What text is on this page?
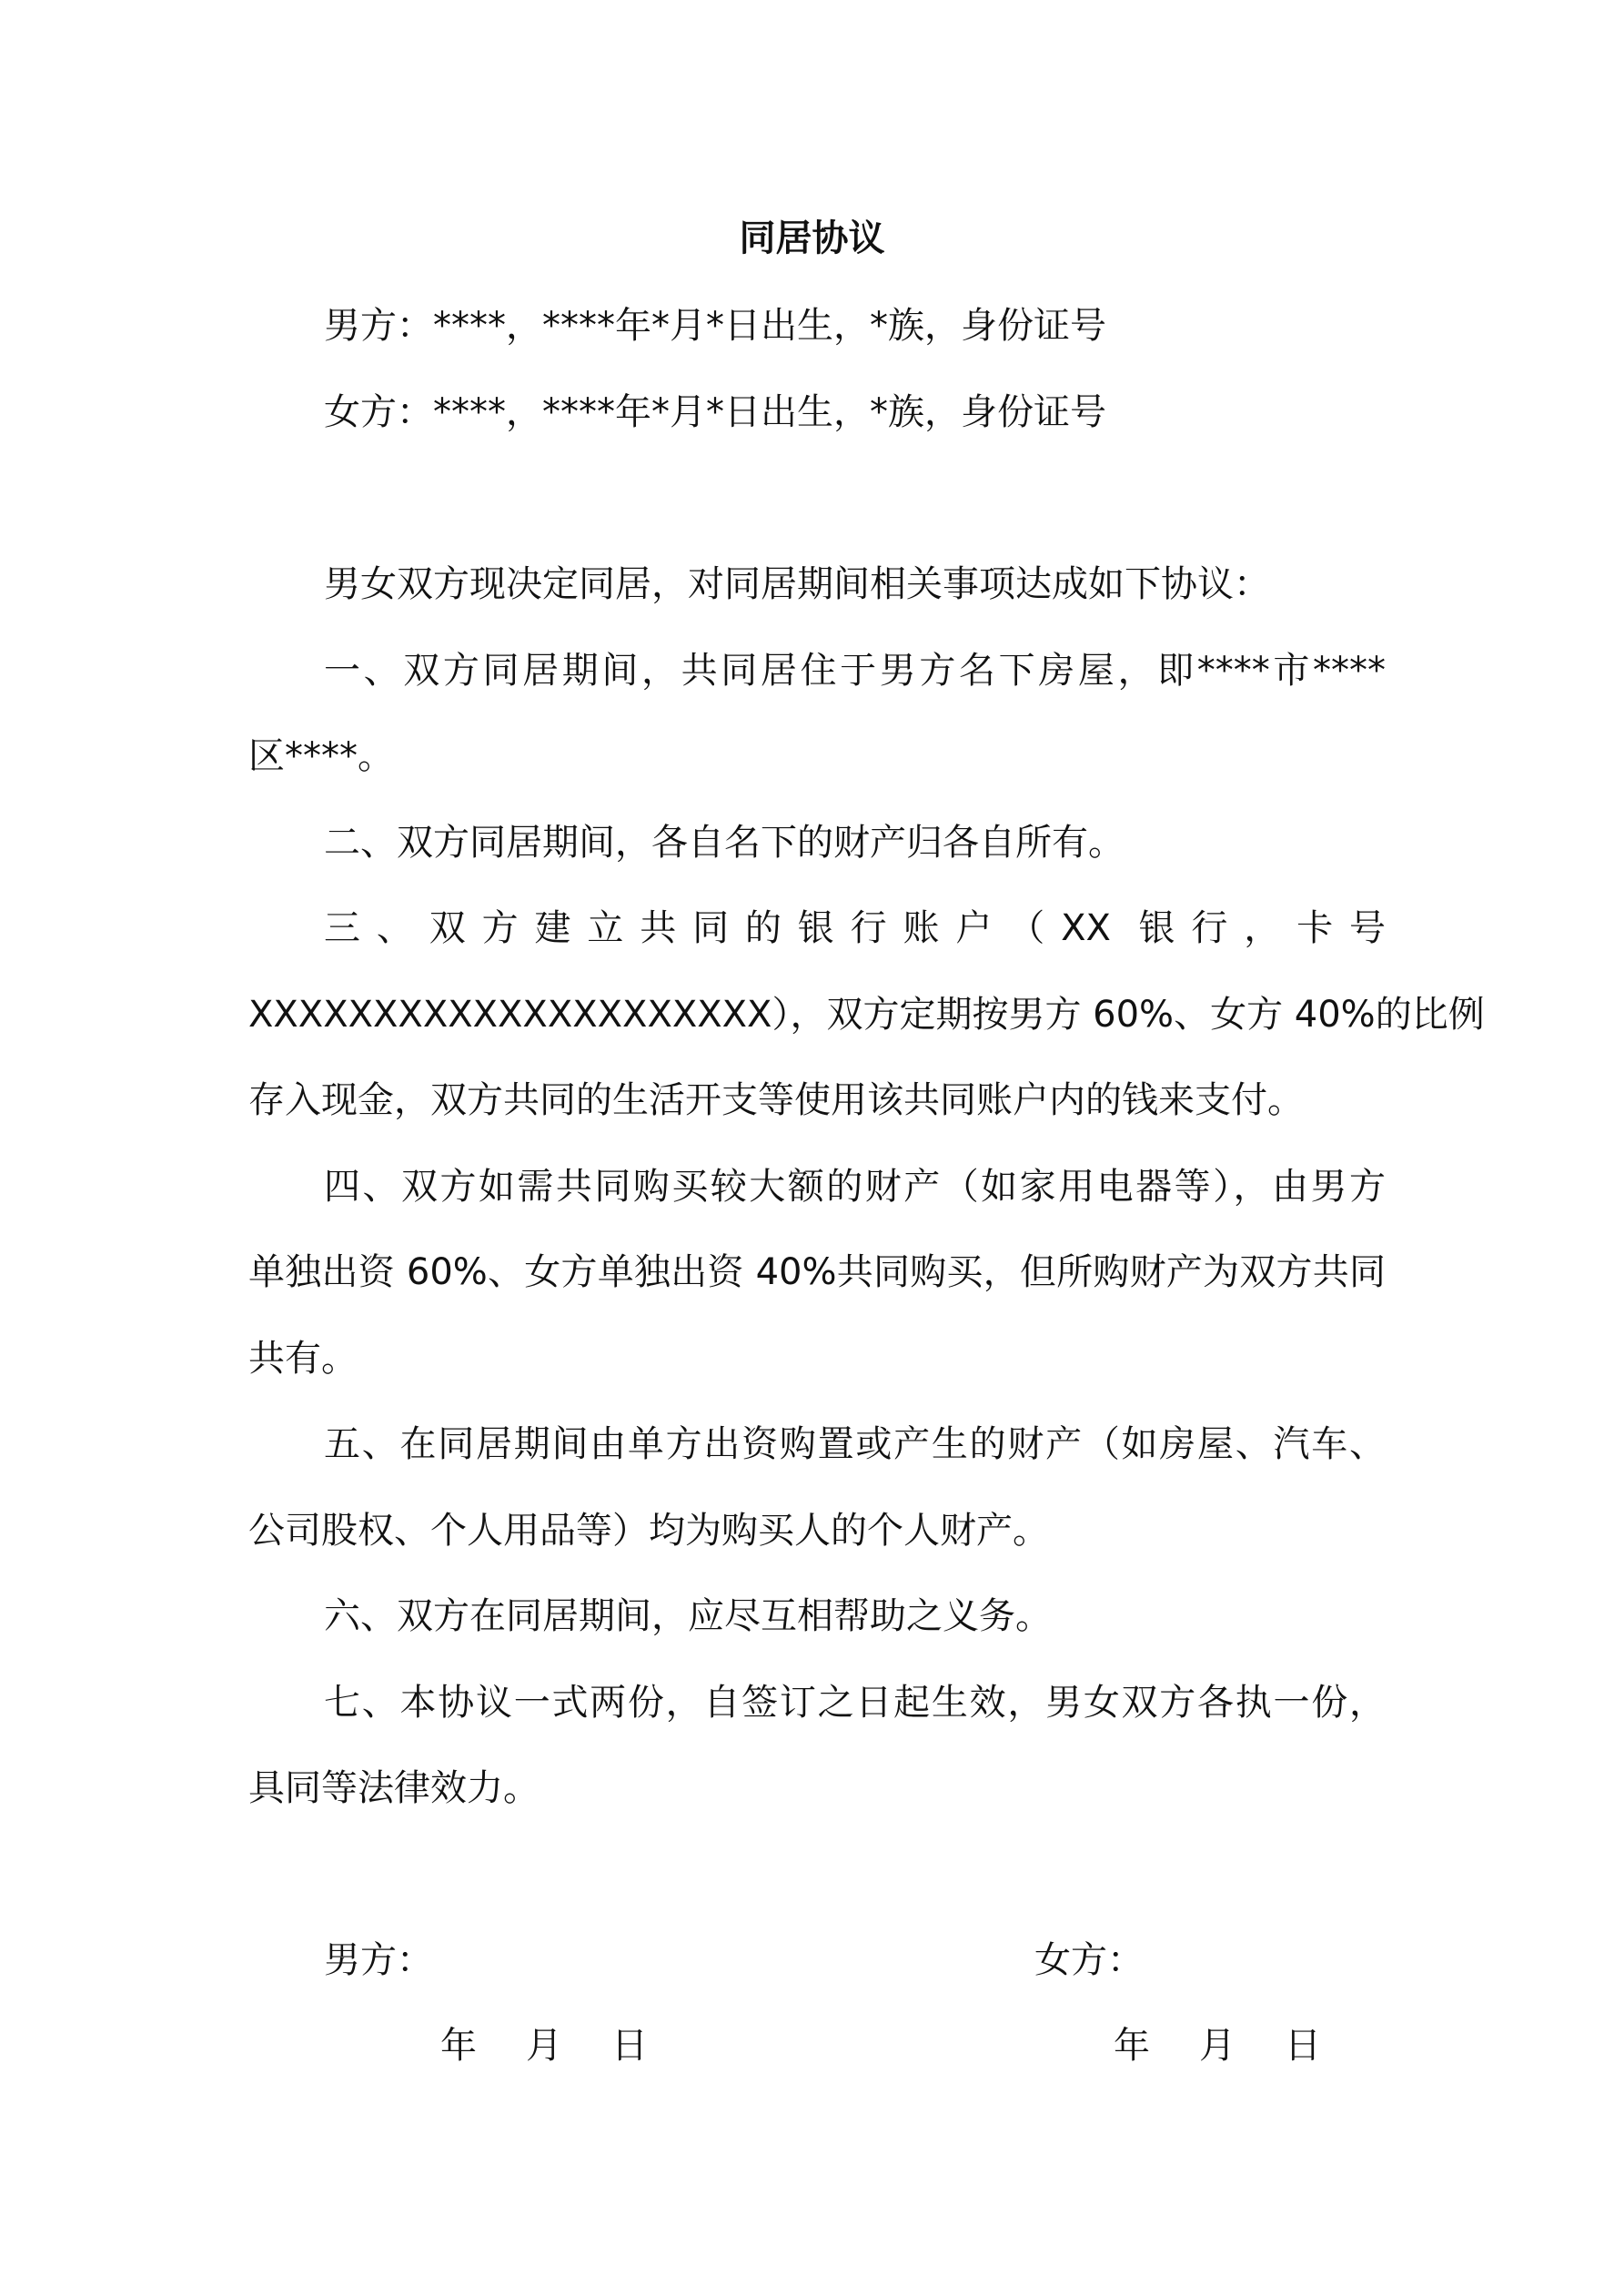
同居协议
男方：****，****年*月*日出生，*族，身份证号
女方：****，****年*月*日出生，*族，身份证号
男女双方现决定同居，对同居期间相关事项达成如下协议：
一、双方同居期间，共同居住于男方名下房屋，即****市****
区****。
二、双方同居期间，各自名下的财产归各自所有。
三、双方建立共同的银行账户（XX 银行，卡号
XXXXXXXXXXXXXXXXXXXXX），双方定期按男方 60%、女方 40%的比例
存入现金，双方共同的生活开支等使用该共同账户内的钱来支付。
四、双方如需共同购买较大额的财产（如家用电器等），由男方
单独出资 60%、女方单独出资 40%共同购买，但所购财产为双方共同
共有。
五、在同居期间由单方出资购置或产生的财产（如房屋、汽车、
公司股权、个人用品等）均为购买人的个人财产。
六、双方在同居期间，应尽互相帮助之义务。
七、本协议一式两份，自签订之日起生效，男女双方各执一份，
具同等法律效力。
男方：	女方：
年 月 日	年 月 日
